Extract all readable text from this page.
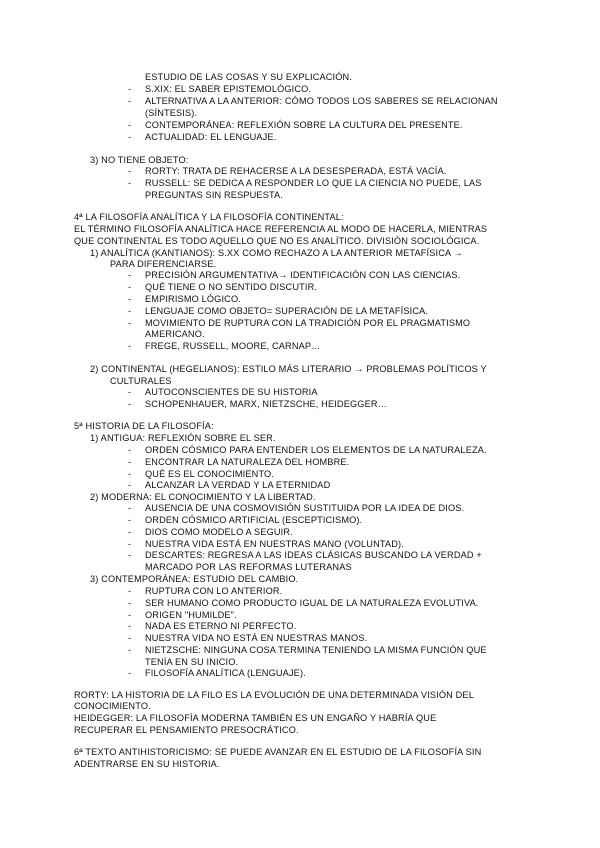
ESTUDIO DE LAS COSAS Y SU EXPLICACIÓN.
- S.XIX: EL SABER EPISTEMOLÓGICO.
- ALTERNATIVA A LA ANTERIOR: CÓMO TODOS LOS SABERES SE RELACIONAN
(SÍNTESIS).
- CONTEMPORÁNEA: REFLEXIÓN SOBRE LA CULTURA DEL PRESENTE.
- ACTUALIDAD: EL LENGUAJE.
3) NO TIENE OBJETO:
- RORTY: TRATA DE REHACERSE A LA DESESPERADA, ESTÁ VACÍA.
- RUSSELL: SE DEDICA A RESPONDER LO QUE LA CIENCIA NO PUEDE, LAS
PREGUNTAS SIN RESPUESTA.
4ª LA FILOSOFÍA ANALÍTICA Y LA FILOSOFÍA CONTINENTAL:
EL TÉRMINO FILOSOFÍA ANALÍTICA HACE REFERENCIA AL MODO DE HACERLA, MIENTRAS
QUE CONTINENTAL ES TODO AQUELLO QUE NO ES ANALÍTICO. DIVISIÓN SOCIOLÓGICA.
1) ANALÍTICA (KANTIANOS): S.XX COMO RECHAZO A LA ANTERIOR METAFÍSICA →
PARA DIFERENCIARSE.
- PRECISIÓN ARGUMENTATIVA→ IDENTIFICACIÓN CON LAS CIENCIAS.
- QUÉ TIENE O NO SENTIDO DISCUTIR.
- EMPIRISMO LÓGICO.
- LENGUAJE COMO OBJETO= SUPERACIÓN DE LA METAFÍSICA.
- MOVIMIENTO DE RUPTURA CON LA TRADICIÓN POR EL PRAGMATISMO
AMERICANO.
- FREGE, RUSSELL, MOORE, CARNAP…
2) CONTINENTAL (HEGELIANOS): ESTILO MÁS LITERARIO → PROBLEMAS POLÍTICOS Y
CULTURALES
- AUTOCONSCIENTES DE SU HISTORIA
- SCHOPENHAUER, MARX, NIETZSCHE, HEIDEGGER…
5ª HISTORIA DE LA FILOSOFÍA:
1) ANTIGUA: REFLEXIÓN SOBRE EL SER.
- ORDEN CÓSMICO PARA ENTENDER LOS ELEMENTOS DE LA NATURALEZA.
- ENCONTRAR LA NATURALEZA DEL HOMBRE.
- QUÉ ES EL CONOCIMIENTO.
- ALCANZAR LA VERDAD Y LA ETERNIDAD
2) MODERNA: EL CONOCIMIENTO Y LA LIBERTAD.
- AUSENCIA DE UNA COSMOVISIÓN SUSTITUIDA POR LA IDEA DE DIOS.
- ORDEN CÓSMICO ARTIFICIAL (ESCEPTICISMO).
- DIOS COMO MODELO A SEGUIR.
- NUESTRA VIDA ESTÁ EN NUESTRAS MANO (VOLUNTAD).
- DESCARTES: REGRESA A LAS IDEAS CLÁSICAS BUSCANDO LA VERDAD +
MARCADO POR LAS REFORMAS LUTERANAS
3) CONTEMPORÁNEA: ESTUDIO DEL CAMBIO.
- RUPTURA CON LO ANTERIOR.
- SER HUMANO COMO PRODUCTO IGUAL DE LA NATURALEZA EVOLUTIVA.
- ORIGEN "HUMILDE".
- NADA ES ETERNO NI PERFECTO.
- NUESTRA VIDA NO ESTÁ EN NUESTRAS MANOS.
- NIETZSCHE: NINGUNA COSA TERMINA TENIENDO LA MISMA FUNCIÓN QUE
TENÍA EN SU INICIO.
- FILOSOFÍA ANALÍTICA (LENGUAJE).
RORTY: LA HISTORIA DE LA FILO ES LA EVOLUCIÓN DE UNA DETERMINADA VISIÓN DEL
CONOCIMIENTO.
HEIDEGGER: LA FILOSOFÍA MODERNA TAMBIÉN ES UN ENGAÑO Y HABRÍA QUE
RECUPERAR EL PENSAMIENTO PRESOCRÁTICO.
6ª TEXTO ANTIHISTORICISMO: SE PUEDE AVANZAR EN EL ESTUDIO DE LA FILOSOFÍA SIN
ADENTRARSE EN SU HISTORIA.
